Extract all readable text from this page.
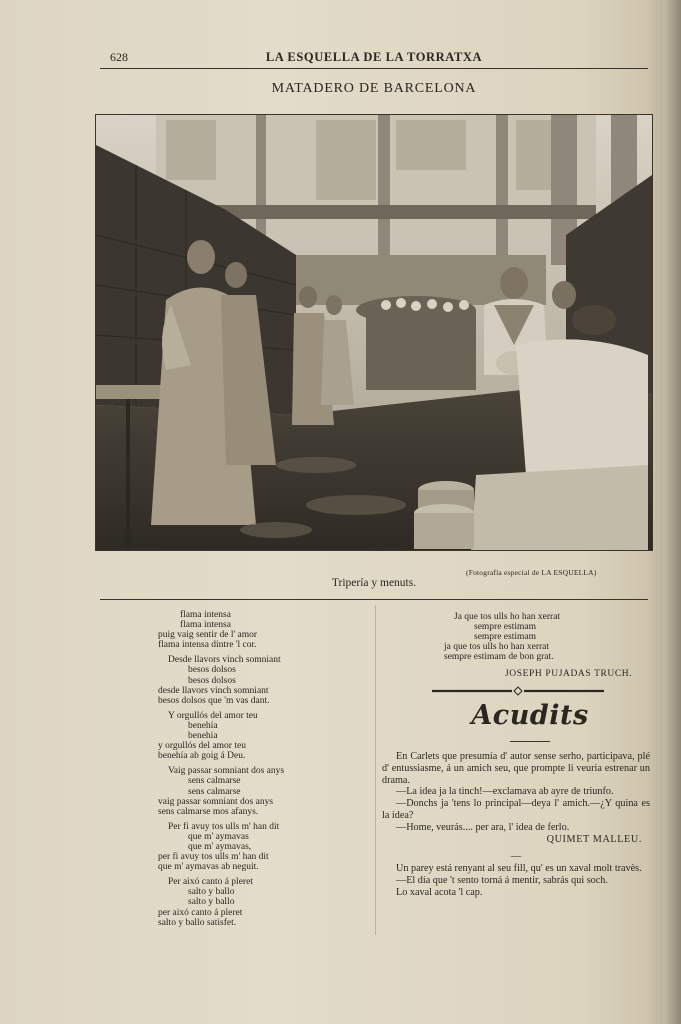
628	LA ESQUELLA DE LA TORRATXA
MATADERO DE BARCELONA
(Fotografía especial de LA ESQUELLA)
Tripería y menuts.
flama intensa
flama intensa
puig vaig sentir de l' amor
flama intensa dintre 'l cor.
Desde llavors vinch somniant
besos dolsos
besos dolsos
desde llavors vinch somniant
besos dolsos que 'm vas dant.
Y orgullós del amor teu
benehía
benehía
y orgullós del amor teu
benehía ab goig á Deu.
Vaig passar somniant dos anys
sens calmarse
sens calmarse
vaig passar somniant dos anys
sens calmarse mos afanys.
Per fi avuy tos ulls m' han dit
que m' aymavas
que m' aymavas,
per fi avuy tos ulls m' han dit
que m' aymavas ab neguit.
Per aixó canto á pleret
salto y ballo
salto y ballo
per aixó canto á pleret
salto y ballo satisfet.
Ja que tos ulls ho han xerrat
sempre estimam
sempre estimam
ja que tos ulls ho han xerrat
sempre estimam de bon grat.
JOSEPH PUJADAS TRUCH.
Acudits

En Carlets que presumía d' autor sense serho, participava, plé d' entussiasme, á un amich seu, que prompte li veuria estrenar un drama.

—La idea ja la tinch!—exclamava ab ayre de triunfo.

—Donchs ja 'tens lo principal—deya l' amich.—¿Y quina es la idea?

—Home, veurás.... per ara, l' idea de ferlo.

QUIMET MALLEU.

—

Un parey está renyant al seu fill, qu' es un xaval molt travès.

—El día que 't sento torná á mentir, sabrás qui soch.

Lo xaval acota 'l cap.
